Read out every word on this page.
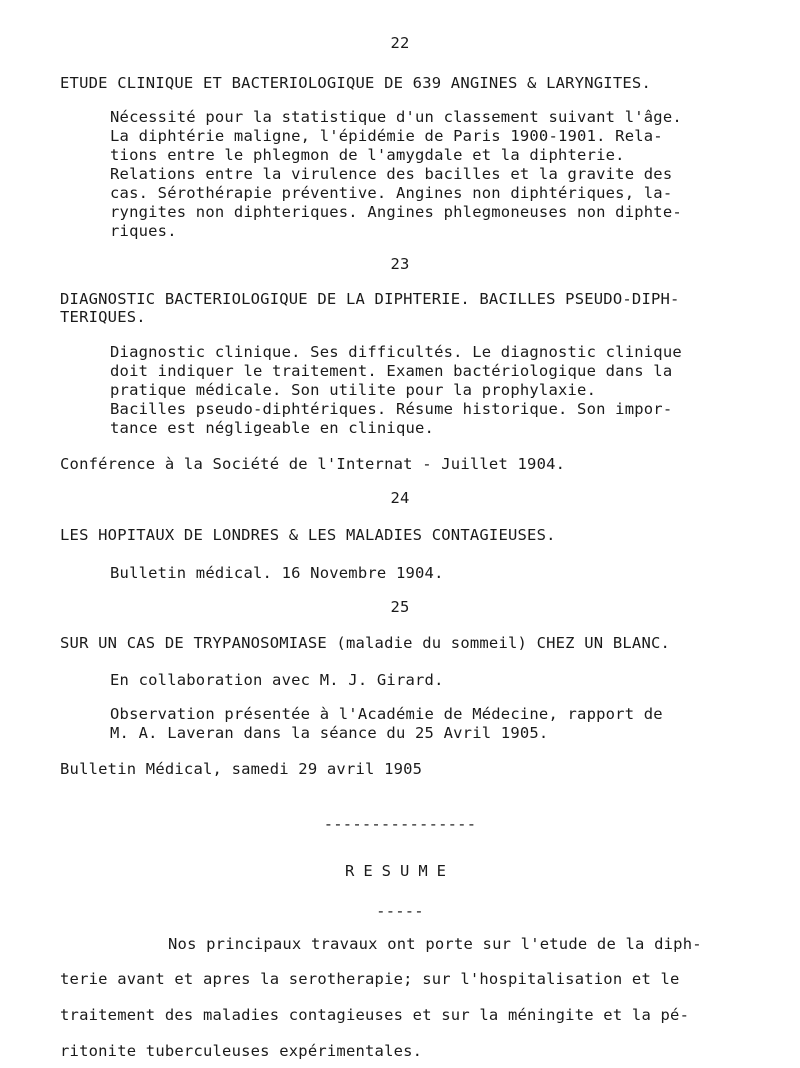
22
ETUDE CLINIQUE ET BACTERIOLOGIQUE DE 639 ANGINES & LARYNGITES.
Nécessité pour la statistique d'un classement suivant l'âge.
La diphtérie maligne, l'épidémie de Paris 1900-1901. Rela-
tions entre le phlegmon de l'amygdale et la diphterie.
Relations entre la virulence des bacilles et la gravite des
cas. Sérothérapie préventive. Angines non diphtériques, la-
ryngites non diphteriques. Angines phlegmoneuses non diphte-
riques.
23
DIAGNOSTIC BACTERIOLOGIQUE DE LA DIPHTERIE. BACILLES PSEUDO-DIPH-
TERIQUES.
Diagnostic clinique. Ses difficultés. Le diagnostic clinique
doit indiquer le traitement. Examen bactériologique dans la
pratique médicale. Son utilite pour la prophylaxie.
Bacilles pseudo-diphtériques. Résume historique. Son impor-
tance est négligeable en clinique.
Conférence à la Société de l'Internat - Juillet 1904.
24
LES HOPITAUX DE LONDRES & LES MALADIES CONTAGIEUSES.
Bulletin médical. 16 Novembre 1904.
25
SUR UN CAS DE TRYPANOSOMIASE (maladie du sommeil) CHEZ UN BLANC.
En collaboration avec M. J. Girard.
Observation présentée à l'Académie de Médecine, rapport de
M. A. Laveran dans la séance du 25 Avril 1905.
Bulletin Médical, samedi 29 avril 1905
----------------
RESUME
-----
Nos principaux travaux ont porte sur l'etude de la diph-
terie avant et apres la serotherapie; sur l'hospitalisation et le
traitement des maladies contagieuses et sur la méningite et la pé-
ritonite tuberculeuses expérimentales.
